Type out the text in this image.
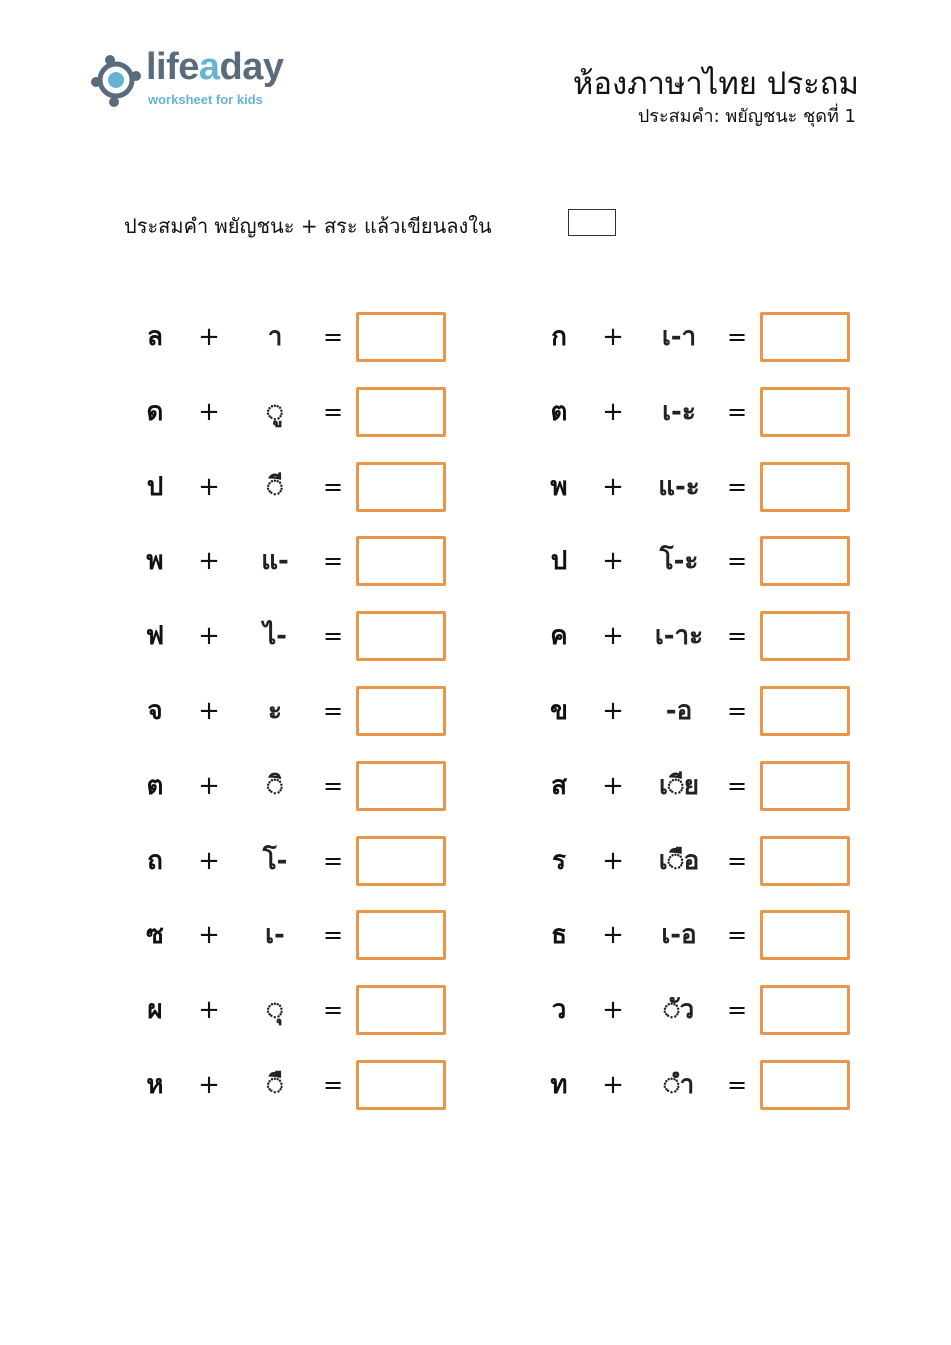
lifeaday
worksheet for kids	ห้องภาษาไทย ประถม
ประสมคำ: พยัญชนะ ชุดที่ 1
ประสมคำ พยัญชนะ + สระ แล้วเขียนลงใน
ล +	า	=
ด +	◌ู	=
ป +	◌ี	=
พ +	แ-	=
ฟ +	ไ-	=
จ +	ะ	=
ต +	◌ิ	=
ถ +	โ-	=
ซ +	เ-	=
ผ +	◌ุ	=
ห +	◌ื	=
ก +	เ-า	=
ต +	เ-ะ	=
พ +	แ-ะ	=
ป +	โ-ะ	=
ค +	เ-าะ =
ข +	-อ	=
ส +	เ◌ีย	=
ร	+	เ◌ือ	=
ธ +	เ-อ	=
ว +	◌ัว	=
ท +	◌ำ	=
